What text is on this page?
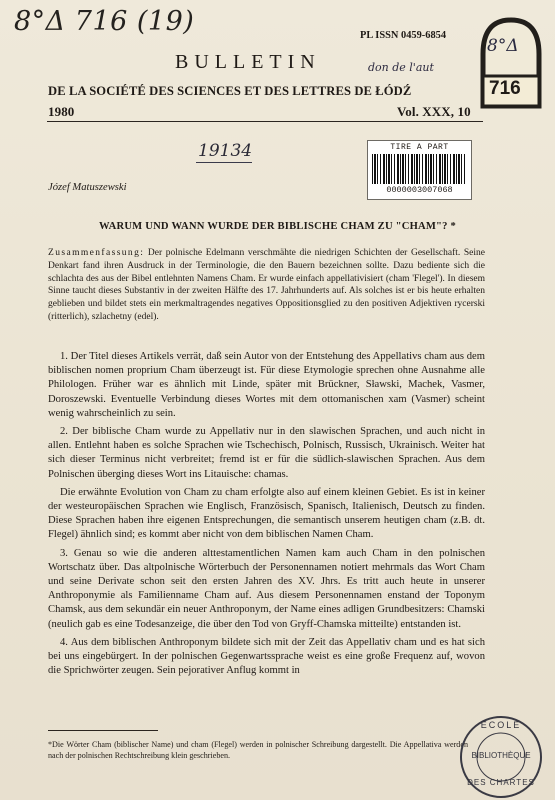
8°Δ 716 (19)	PL ISSN 0459-6854
BULLETIN	don de l'aut
DE LA SOCIÉTÉ DES SCIENCES ET DES LETTRES DE ŁÓDŹ
1980	Vol. XXX, 10
8°Δ
716
19134	TIRE A PART
0000003007068
Józef Matuszewski
WARUM UND WANN WURDE DER BIBLISCHE CHAM ZU "CHAM"? *

Zusammenfassung: Der polnische Edelmann verschmähte die niedrigen Schichten der Gesellschaft. Seine Denkart fand ihren Ausdruck in der Terminologie, die den Bauern bezeichnen sollte. Dazu bediente sich die schlachta des aus der Bibel entlehnten Namens Cham. Er wurde einfach appellativisiert (cham 'Flegel'). In diesem Sinne taucht dieses Substantiv in der zweiten Hälfte des 17. Jahrhunderts auf. Als solches ist er bis heute erhalten geblieben und bildet stets ein merkmaltragendes negatives Oppositionsglied zu den positiven Adjektiven rycerski (ritterlich), szlachetny (edel).

1. Der Titel dieses Artikels verrät, daß sein Autor von der Entstehung des Appellativs cham aus dem biblischen nomen proprium Cham überzeugt ist. Für diese Etymologie sprechen ohne Ausnahme alle Philologen. Früher war es ähnlich mit Linde, später mit Brückner, Sławski, Machek, Vasmer, Doroszewski. Eventuelle Verbindung dieses Wortes mit dem ottomanischen xam (Vasmer) scheint wenig wahrscheinlich zu sein.

2. Der biblische Cham wurde zu Appellativ nur in den slawischen Sprachen, und auch nicht in allen. Entlehnt haben es solche Sprachen wie Tschechisch, Polnisch, Russisch, Ukrainisch. Weiter hat sich dieser Terminus nicht verbreitet; fremd ist er für die südlich-slawischen Sprachen. Aus dem Polnischen überging dieses Wort ins Litauische: chamas.

Die erwähnte Evolution von Cham zu cham erfolgte also auf einem kleinen Gebiet. Es ist in keiner der westeuropäischen Sprachen wie Englisch, Französisch, Spanisch, Italienisch, Deutsch zu finden. Diese Sprachen haben ihre eigenen Entsprechungen, die semantisch unserem heutigen cham (z.B. dt. Flegel) ähnlich sind; es kommt aber nicht von dem biblischen Namen Cham.

3. Genau so wie die anderen alttestamentlichen Namen kam auch Cham in den polnischen Wortschatz über. Das altpolnische Wörterbuch der Personennamen notiert mehrmals das Wort Cham und seine Derivate schon seit den ersten Jahren des XV. Jhrs. Es tritt auch heute in unserer Anthroponymie als Familienname Cham auf. Aus diesem Personennamen enstand der Toponym Chamsk, aus dem sekundär ein neuer Anthroponym, der Name eines adligen Grundbesitzers: Chamski (neulich gab es eine Todesanzeige, die über den Tod von Gryff-Chamska mitteilte) entstanden ist.

4. Aus dem biblischen Anthroponym bildete sich mit der Zeit das Appellativ cham und es hat sich bei uns eingebürgert. In der polnischen Gegenwartssprache weist es eine große Frequenz auf, wovon die Sprichwörter zeugen. Sein pejorativer Anflug kommt in

*Die Wörter Cham (biblischer Name) und cham (Flegel) werden in polnischer Schreibung dargestellt. Die Appellativa werden nach der polnischen Rechtschreibung klein geschrieben.

ÉCOLE
BIBLIOTHÈQUE
DES CHARTES
